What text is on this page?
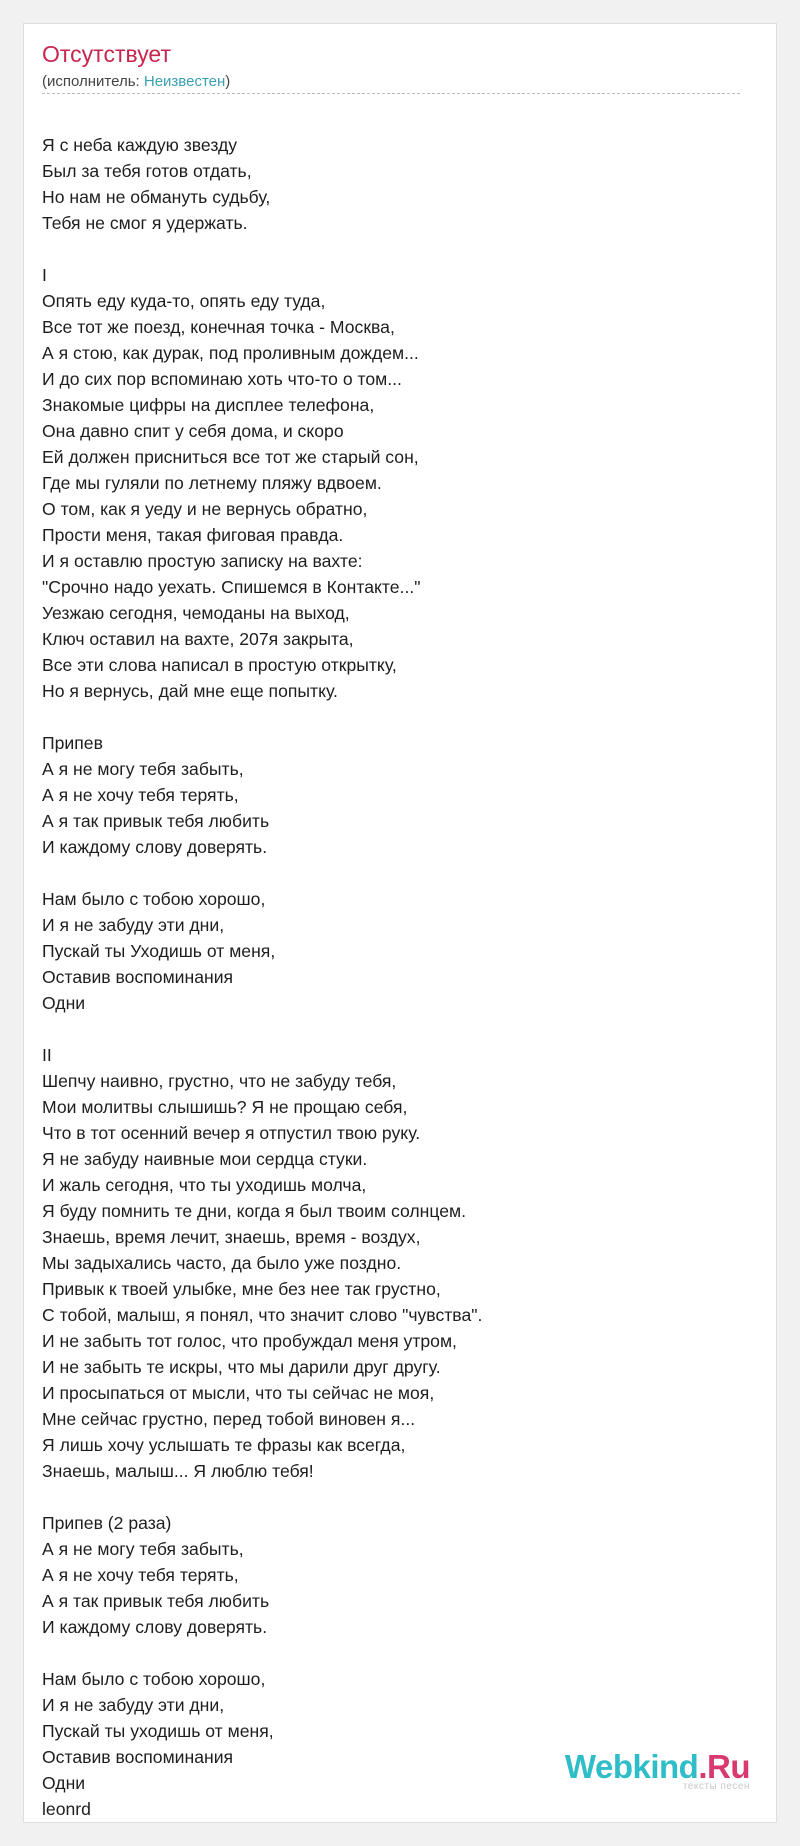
Отсутствует
(исполнитель: Неизвестен)
Я с неба каждую звезду
Был за тебя готов отдать,
Но нам не обмануть судьбу,
Тебя не смог я удержать.
I
Опять еду куда-то, опять еду туда,
Все тот же поезд, конечная точка - Москва,
А я стою, как дурак, под проливным дождем...
И до сих пор вспоминаю хоть что-то о том...
Знакомые цифры на дисплее телефона,
Она давно спит у себя дома, и скоро
Ей должен присниться все тот же старый сон,
Где мы гуляли по летнему пляжу вдвоем.
О том, как я уеду и не вернусь обратно,
Прости меня, такая фиговая правда.
И я оставлю простую записку на вахте:
"Срочно надо уехать. Спишемся в Контакте..."
Уезжаю сегодня, чемоданы на выход,
Ключ оставил на вахте, 207я закрыта,
Все эти слова написал в простую открытку,
Но я вернусь, дай мне еще попытку.
Припев
А я не могу тебя забыть,
А я не хочу тебя терять,
А я так привык тебя любить
И каждому слову доверять.
Нам было с тобою хорошо,
И я не забуду эти дни,
Пускай ты Уходишь от меня,
Оставив воспоминания
Одни
II
Шепчу наивно, грустно, что не забуду тебя,
Мои молитвы слышишь? Я не прощаю себя,
Что в тот осенний вечер я отпустил твою руку.
Я не забуду наивные мои сердца стуки.
И жаль сегодня, что ты уходишь молча,
Я буду помнить те дни, когда я был твоим солнцем.
Знаешь, время лечит, знаешь, время - воздух,
Мы задыхались часто, да было уже поздно.
Привык к твоей улыбке, мне без нее так грустно,
С тобой, малыш, я понял, что значит слово "чувства".
И не забыть тот голос, что пробуждал меня утром,
И не забыть те искры, что мы дарили друг другу.
И просыпаться от мысли, что ты сейчас не моя,
Мне сейчас грустно, перед тобой виновен я...
Я лишь хочу услышать те фразы как всегда,
Знаешь, малыш... Я люблю тебя!
Припев (2 раза)
А я не могу тебя забыть,
А я не хочу тебя терять,
А я так привык тебя любить
И каждому слову доверять.
Нам было с тобою хорошо,
И я не забуду эти дни,
Пускай ты уходишь от меня,
Оставив воспоминания
Одни
leonrd
Webkind.Ru
тексты песен
